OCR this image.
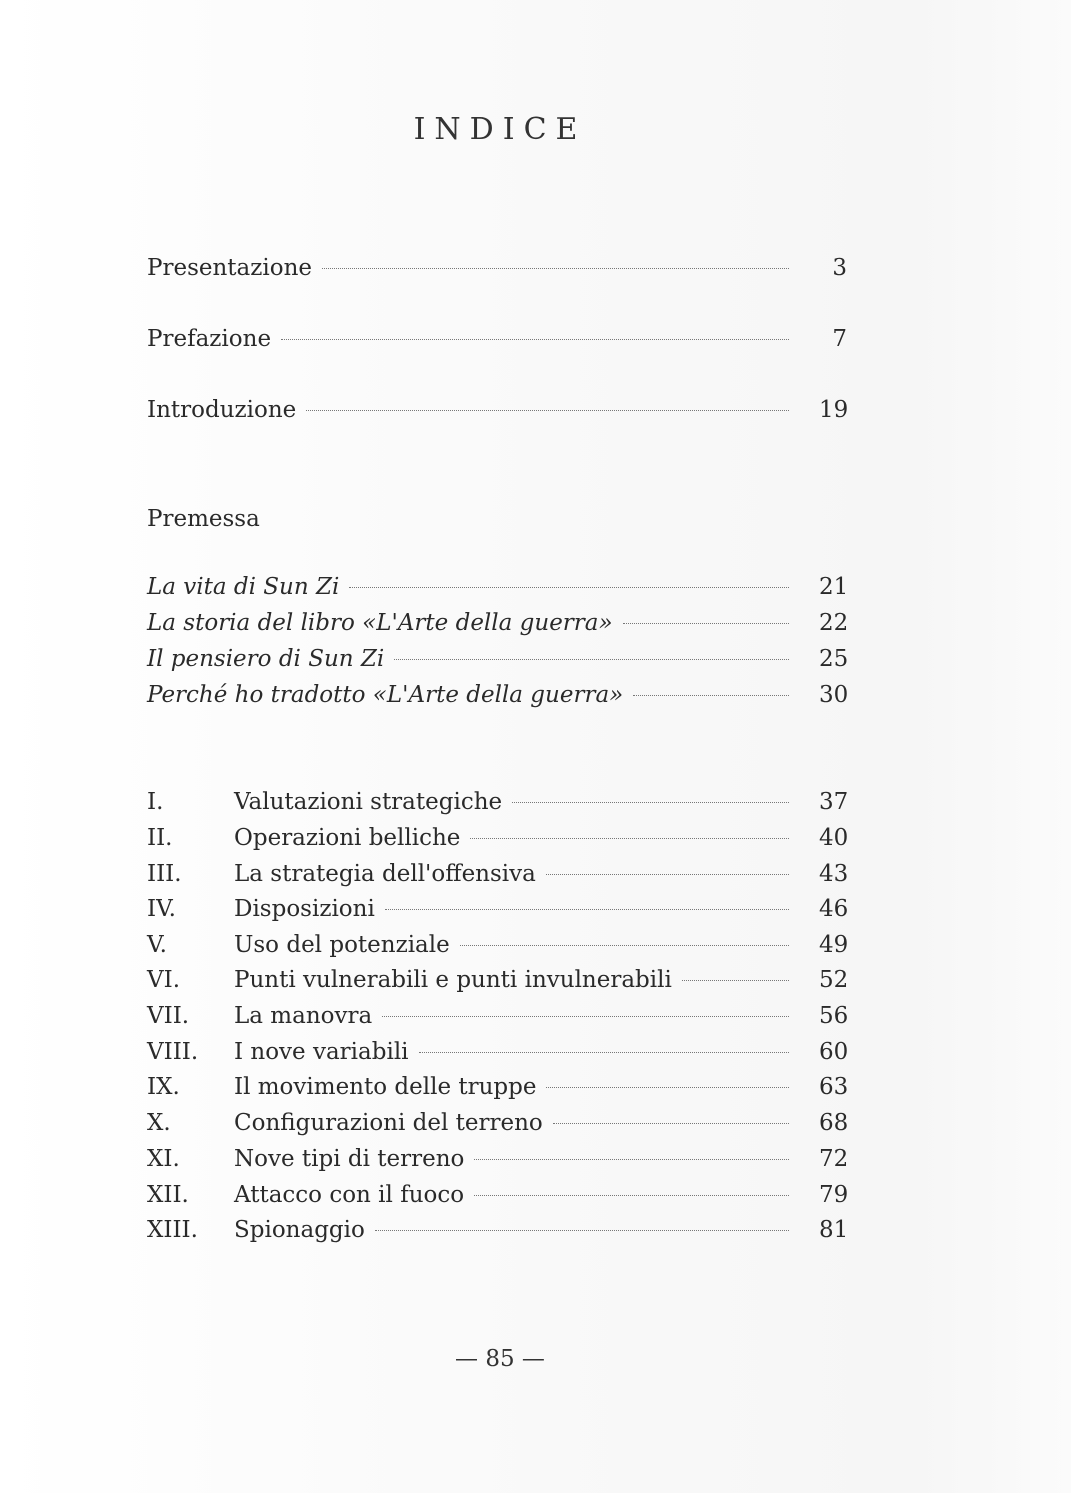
INDICE
Presentazione	3
Prefazione	7
Introduzione	19
Premessa
La vita di Sun Zi	21
La storia del libro «L'Arte della guerra»	22
Il pensiero di Sun Zi	25
Perché ho tradotto «L'Arte della guerra»	30
I.	Valutazioni strategiche	37
II.	Operazioni belliche	40
III.	La strategia dell'offensiva	43
IV.	Disposizioni	46
V.	Uso del potenziale	49
VI.	Punti vulnerabili e punti invulnerabili	52
VII.	La manovra	56
VIII.	I nove variabili	60
IX.	Il movimento delle truppe	63
X.	Configurazioni del terreno	68
XI.	Nove tipi di terreno	72
XII.	Attacco con il fuoco	79
XIII.	Spionaggio	81
— 85 —
